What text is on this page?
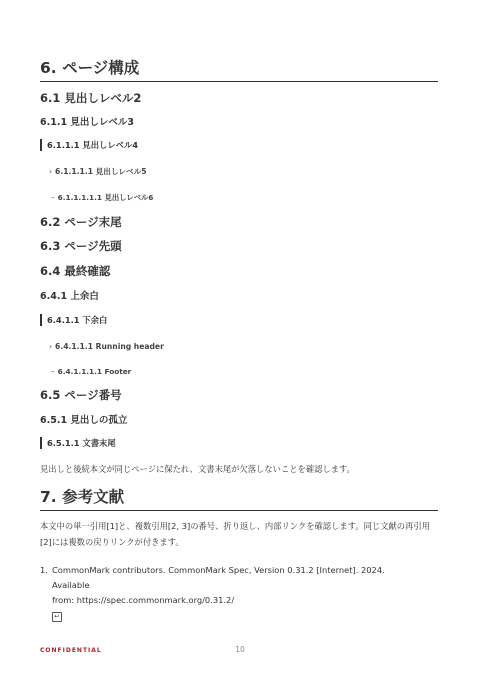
6. ページ構成
6.1 見出しレベル2
6.1.1 見出しレベル3
6.1.1.1 見出しレベル4
› 6.1.1.1.1 見出しレベル5
– 6.1.1.1.1.1 見出しレベル6
6.2 ページ末尾
6.3 ページ先頭
6.4 最終確認
6.4.1 上余白
6.4.1.1 下余白
› 6.4.1.1.1 Running header
– 6.4.1.1.1.1 Footer
6.5 ページ番号
6.5.1 見出しの孤立
6.5.1.1 文書末尾
見出しと後続本文が同じページに保たれ、文書末尾が欠落しないことを確認します。
7. 参考文献
本文中の単一引用[1]と、複数引用[2, 3]の番号、折り返し、内部リンクを確認します。同じ文献の再引用
[2]には複数の戻りリンクが付きます。
1. CommonMark contributors. CommonMark Spec, Version 0.31.2 [Internet]. 2024. Available
from: https://spec.commonmark.org/0.31.2/
↩
CONFIDENTIAL	10
